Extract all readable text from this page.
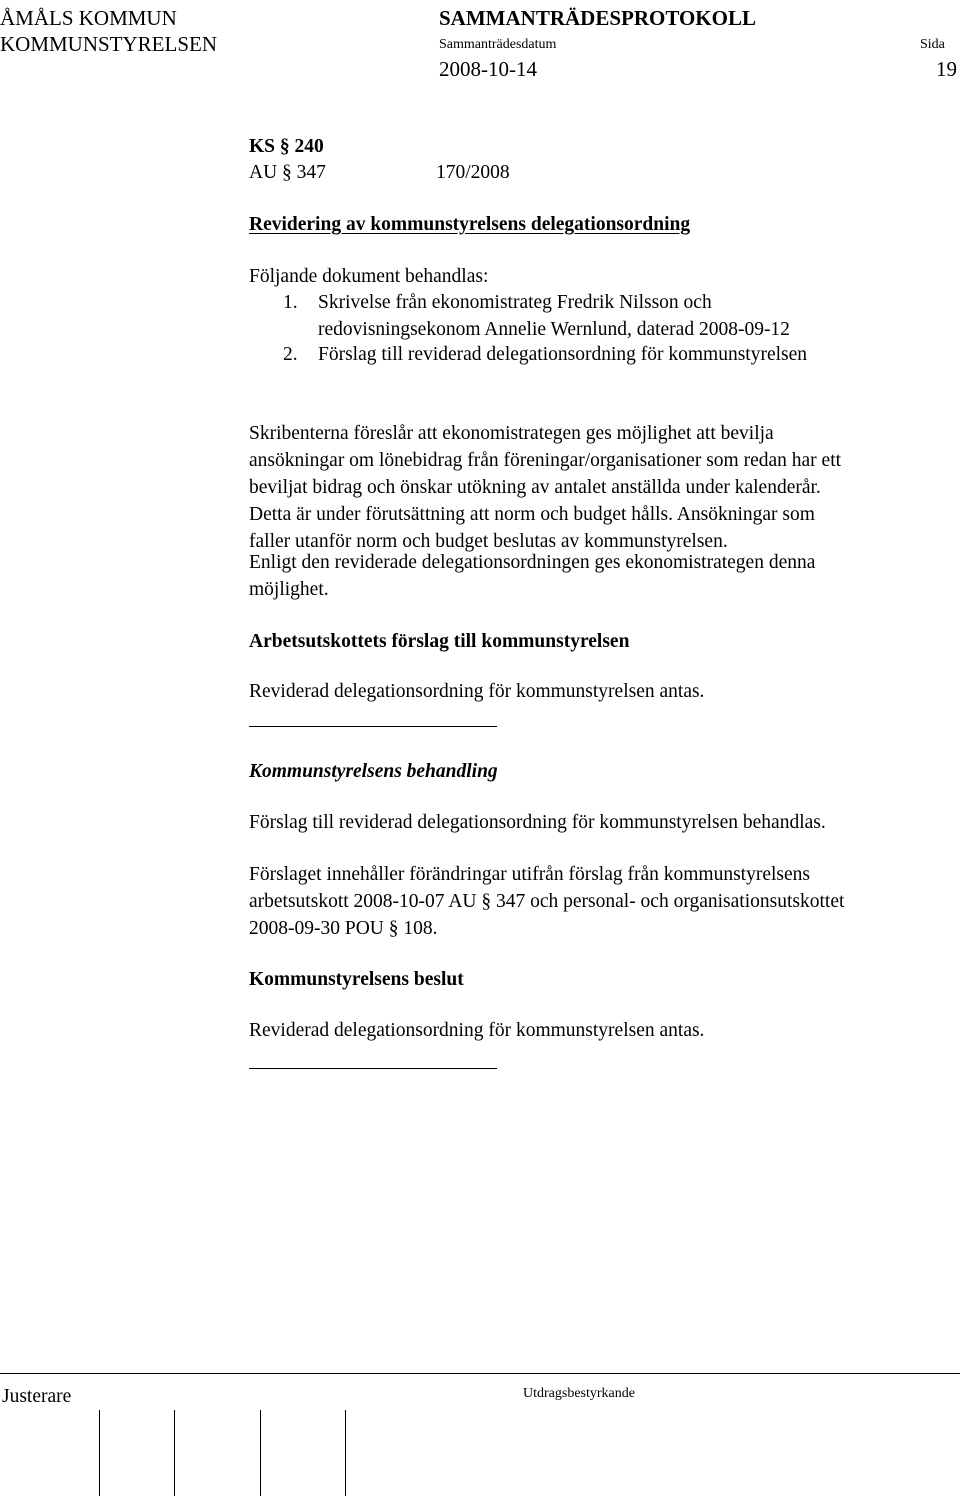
ÅMÅLS KOMMUN
KOMMUNSTYRELSEN
SAMMANTRÄDESPROTOKOLL
Sammanträdesdatum	Sida
2008-10-14	19
KS § 240
AU § 347	170/2008
Revidering av kommunstyrelsens delegationsordning
Följande dokument behandlas:
1. Skrivelse från ekonomistrateg Fredrik Nilsson och
redovisningsekonom Annelie Wernlund, daterad 2008-09-12
2. Förslag till reviderad delegationsordning för kommunstyrelsen
Skribenterna föreslår att ekonomistrategen ges möjlighet att bevilja
ansökningar om lönebidrag från föreningar/organisationer som redan har ett
beviljat bidrag och önskar utökning av antalet anställda under kalenderår.
Detta är under förutsättning att norm och budget hålls. Ansökningar som
faller utanför norm och budget beslutas av kommunstyrelsen.
Enligt den reviderade delegationsordningen ges ekonomistrategen denna
möjlighet.
Arbetsutskottets förslag till kommunstyrelsen
Reviderad delegationsordning för kommunstyrelsen antas.
Kommunstyrelsens behandling
Förslag till reviderad delegationsordning för kommunstyrelsen behandlas.
Förslaget innehåller förändringar utifrån förslag från kommunstyrelsens
arbetsutskott 2008-10-07 AU § 347 och personal- och organisationsutskottet
2008-09-30 POU § 108.
Kommunstyrelsens beslut
Reviderad delegationsordning för kommunstyrelsen antas.
Justerare	Utdragsbestyrkande
